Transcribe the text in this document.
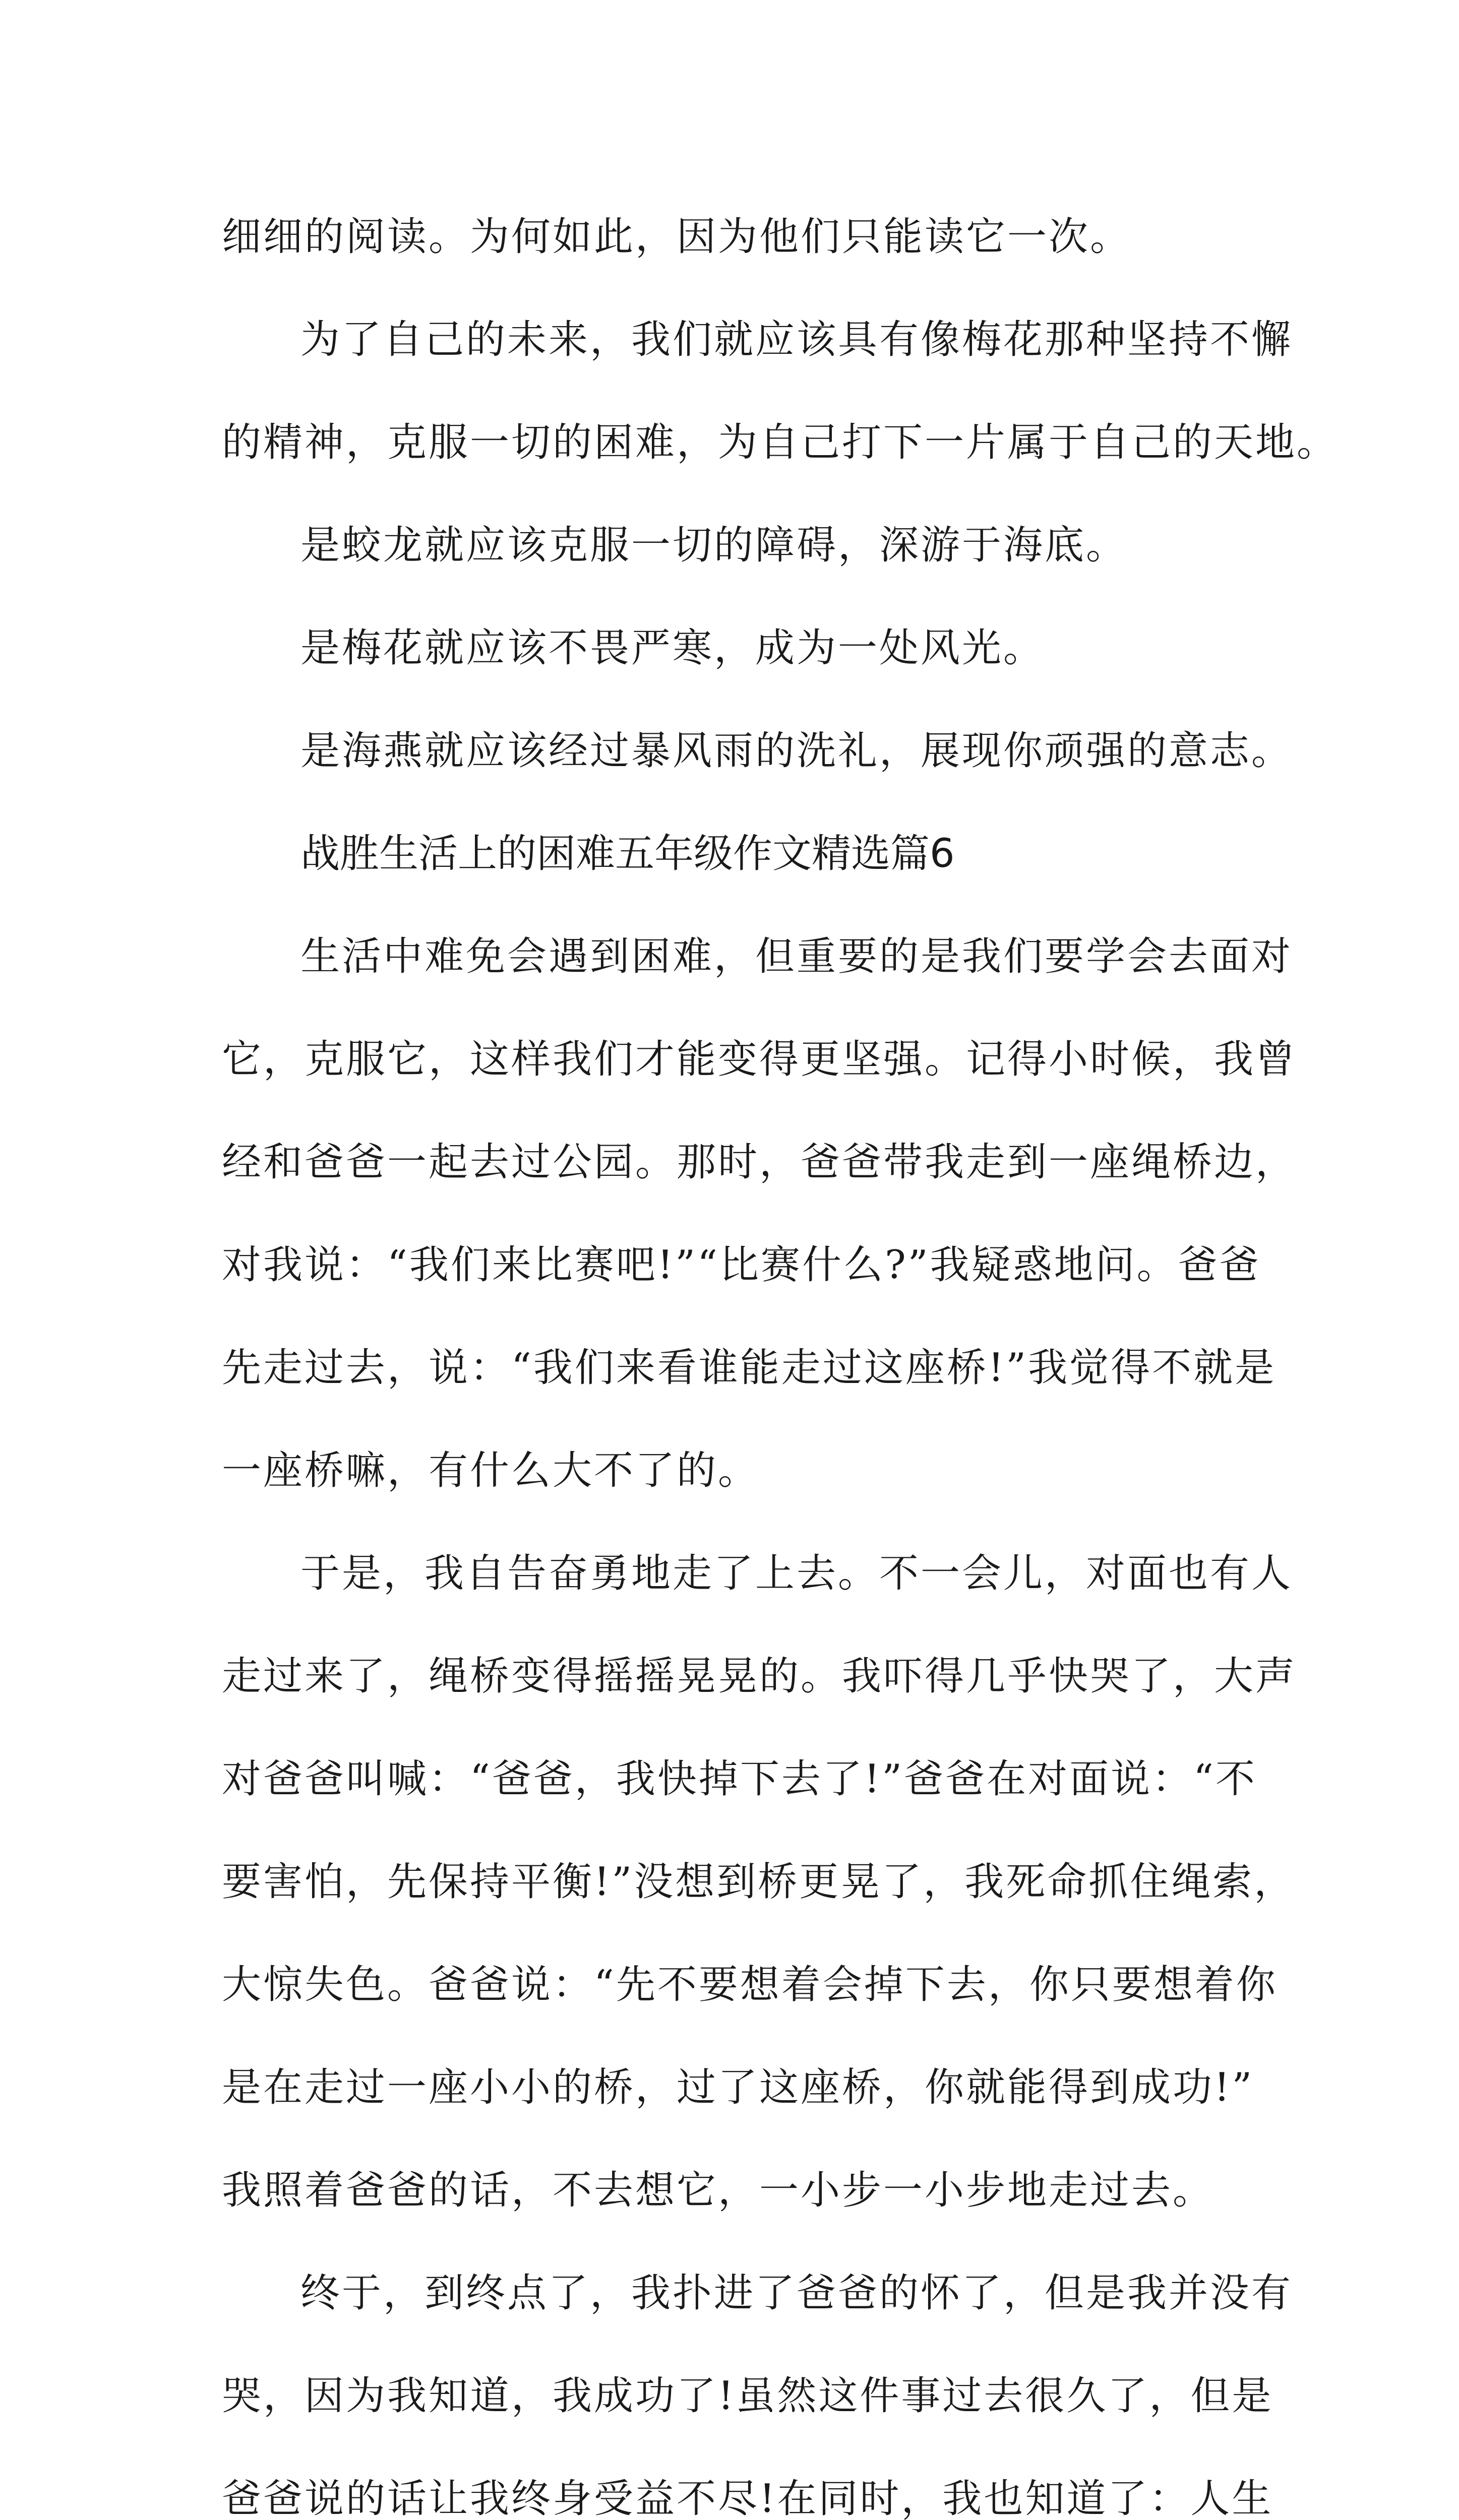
细细的阅读。为何如此，因为他们只能读它一次。
为了自己的未来，我们就应该具有像梅花那种坚持不懈
的精神，克服一切的困难，为自己打下一片属于自己的天地。
是蛟龙就应该克服一切的障碍，深游于海底。
是梅花就应该不畏严寒，成为一处风光。
是海燕就应该经过暴风雨的洗礼，展现你顽强的意志。
战胜生活上的困难五年级作文精选篇6
生活中难免会遇到困难，但重要的是我们要学会去面对
它，克服它，这样我们才能变得更坚强。记得小时候，我曾
经和爸爸一起去过公园。那时，爸爸带我走到一座绳桥边，
对我说：“我们来比赛吧!”“比赛什么?”我疑惑地问。爸爸
先走过去，说：“我们来看谁能走过这座桥!”我觉得不就是
一座桥嘛，有什么大不了的。
于是，我自告奋勇地走了上去。不一会儿，对面也有人
走过来了，绳桥变得摇摇晃晃的。我吓得几乎快哭了，大声
对爸爸叫喊：“爸爸，我快掉下去了!”爸爸在对面说：“不
要害怕，先保持平衡!”没想到桥更晃了，我死命抓住绳索，
大惊失色。爸爸说：“先不要想着会掉下去，你只要想着你
是在走过一座小小的桥，过了这座桥，你就能得到成功!”
我照着爸爸的话，不去想它，一小步一小步地走过去。
终于，到终点了，我扑进了爸爸的怀了，但是我并没有
哭，因为我知道，我成功了!虽然这件事过去很久了，但是
爸爸说的话让我终身受益不尽!在同时，我也知道了：人生
